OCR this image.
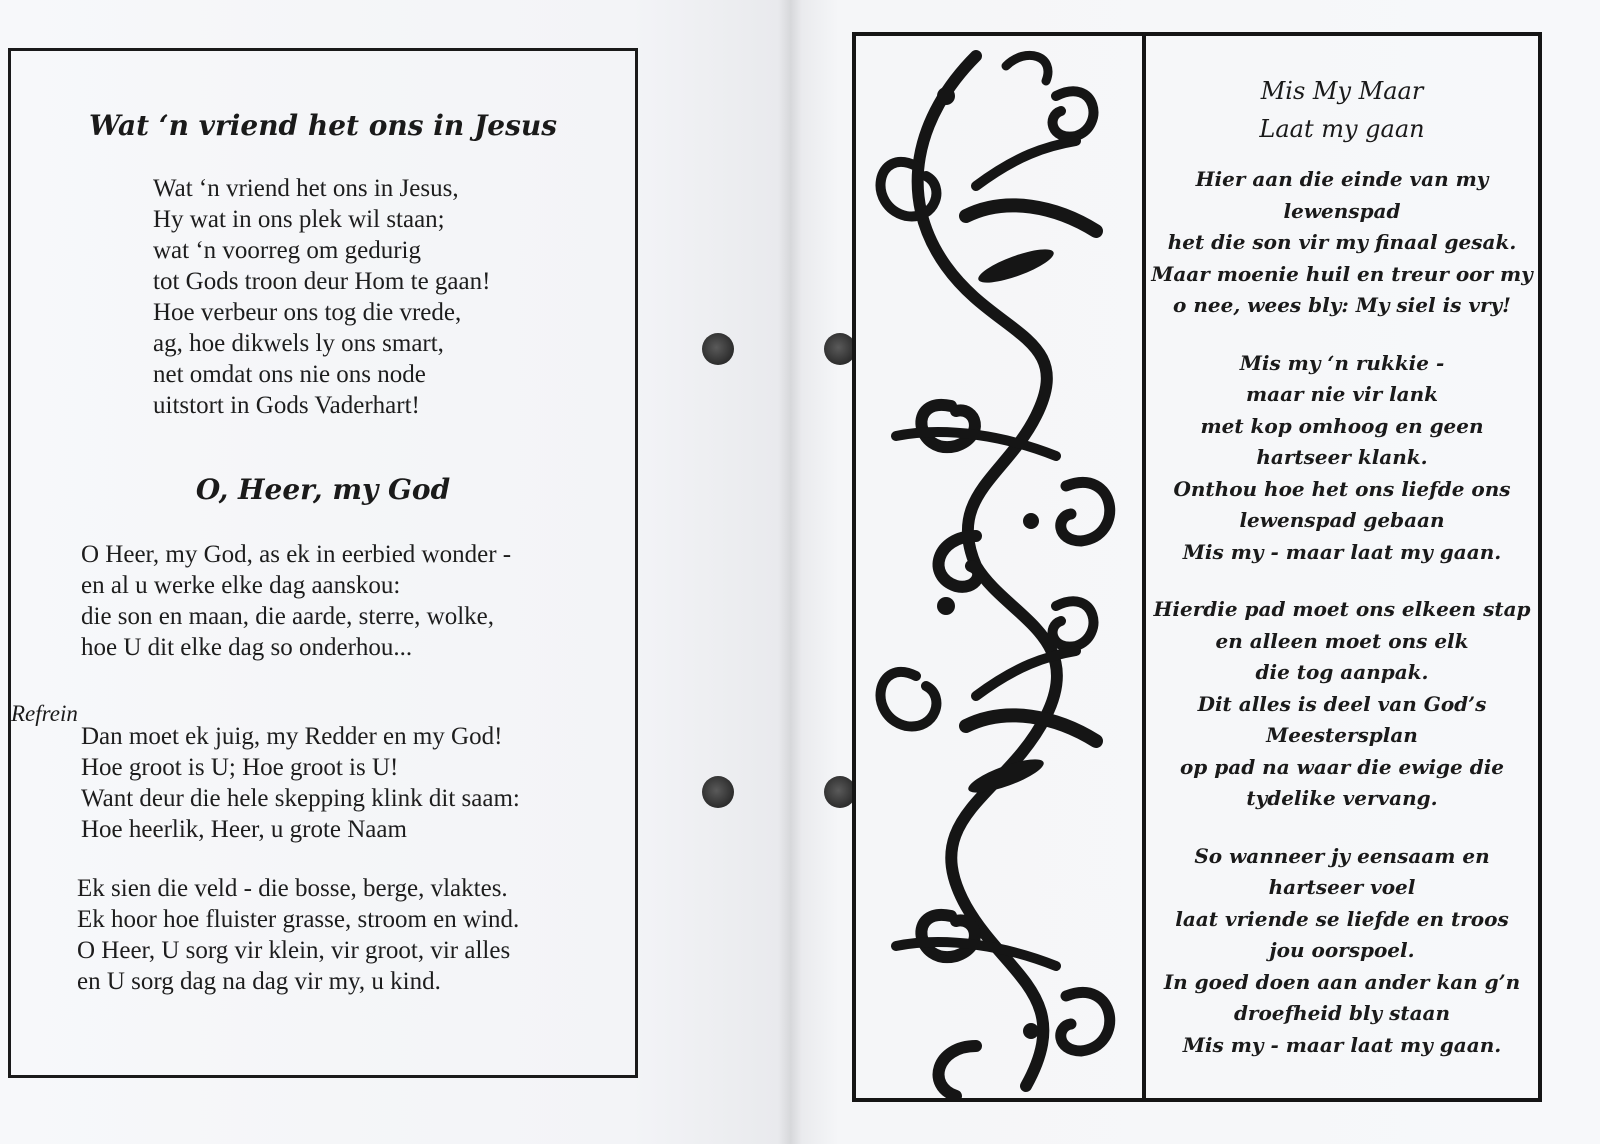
Wat ‘n vriend het ons in Jesus
Wat ‘n vriend het ons in Jesus,
Hy wat in ons plek wil staan;
wat ‘n voorreg om gedurig
tot Gods troon deur Hom te gaan!
Hoe verbeur ons tog die vrede,
ag, hoe dikwels ly ons smart,
net omdat ons nie ons node
uitstort in Gods Vaderhart!
O, Heer, my God
O Heer, my God, as ek in eerbied wonder -
en al u werke elke dag aanskou:
die son en maan, die aarde, sterre, wolke,
hoe U dit elke dag so onderhou...
Refrein
Dan moet ek juig, my Redder en my God!
Hoe groot is U; Hoe groot is U!
Want deur die hele skepping klink dit saam:
Hoe heerlik, Heer, u grote Naam
Ek sien die veld - die bosse, berge, vlaktes.
Ek hoor hoe fluister grasse, stroom en wind.
O Heer, U sorg vir klein, vir groot, vir alles
en U sorg dag na dag vir my, u kind.

Mis My Maar

Laat my gaan

Hier aan die einde van my
lewenspad
het die son vir my finaal gesak.
Maar moenie huil en treur oor my
o nee, wees bly: My siel is vry!
Mis my ‘n rukkie -
maar nie vir lank
met kop omhoog en geen
hartseer klank.
Onthou hoe het ons liefde ons
lewenspad gebaan
Mis my - maar laat my gaan.
Hierdie pad moet ons elkeen stap
en alleen moet ons elk
die tog aanpak.
Dit alles is deel van God’s
Meestersplan
op pad na waar die ewige die
tydelike vervang.
So wanneer jy eensaam en
hartseer voel
laat vriende se liefde en troos
jou oorspoel.
In goed doen aan ander kan g’n
droefheid bly staan
Mis my - maar laat my gaan.
